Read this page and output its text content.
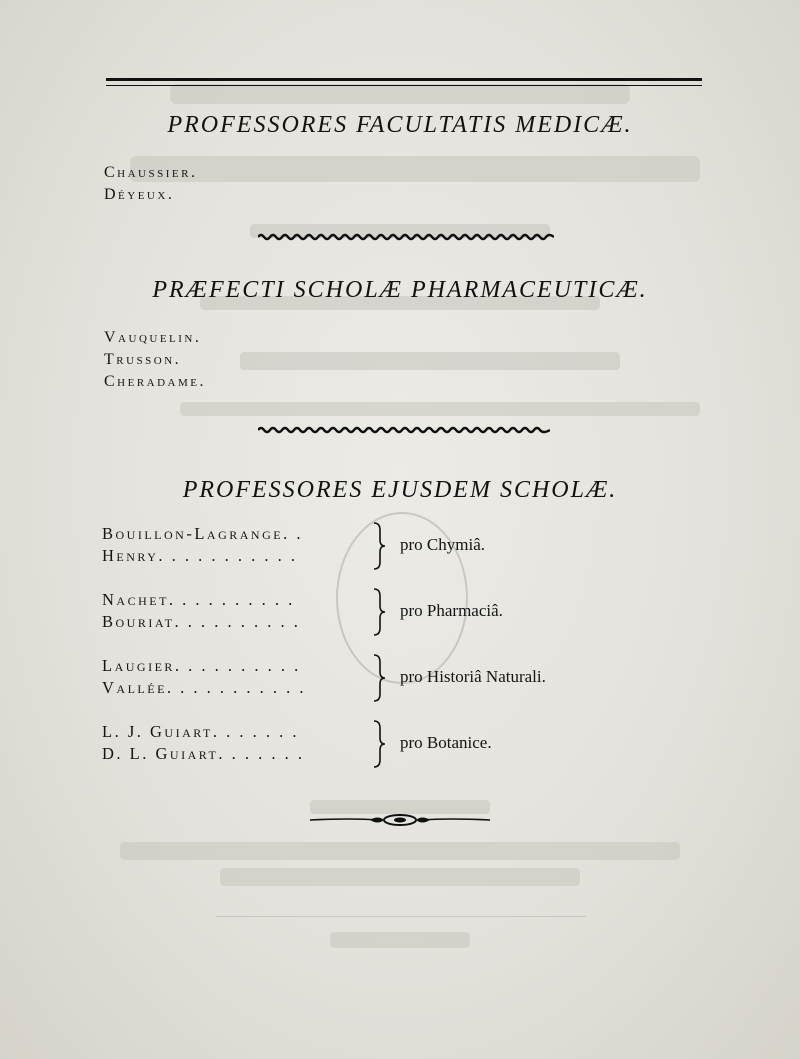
PROFESSORES FACULTATIS MEDICÆ.
Chaussier.
Déyeux.
PRÆFECTI SCHOLÆ PHARMACEUTICÆ.
Vauquelin.
Trusson.
Cheradame.
PROFESSORES EJUSDEM SCHOLÆ.
Bouillon-Lagrange. .
Henry. . . . . . . . . . .
pro Chymiâ.
Nachet. . . . . . . . . .
Bouriat. . . . . . . . . .
pro Pharmaciâ.
Laugier. . . . . . . . . .
Vallée. . . . . . . . . . .
pro Historiâ Naturali.
L. J. Guiart. . . . . . .
D. L. Guiart. . . . . . .
pro Botanice.
